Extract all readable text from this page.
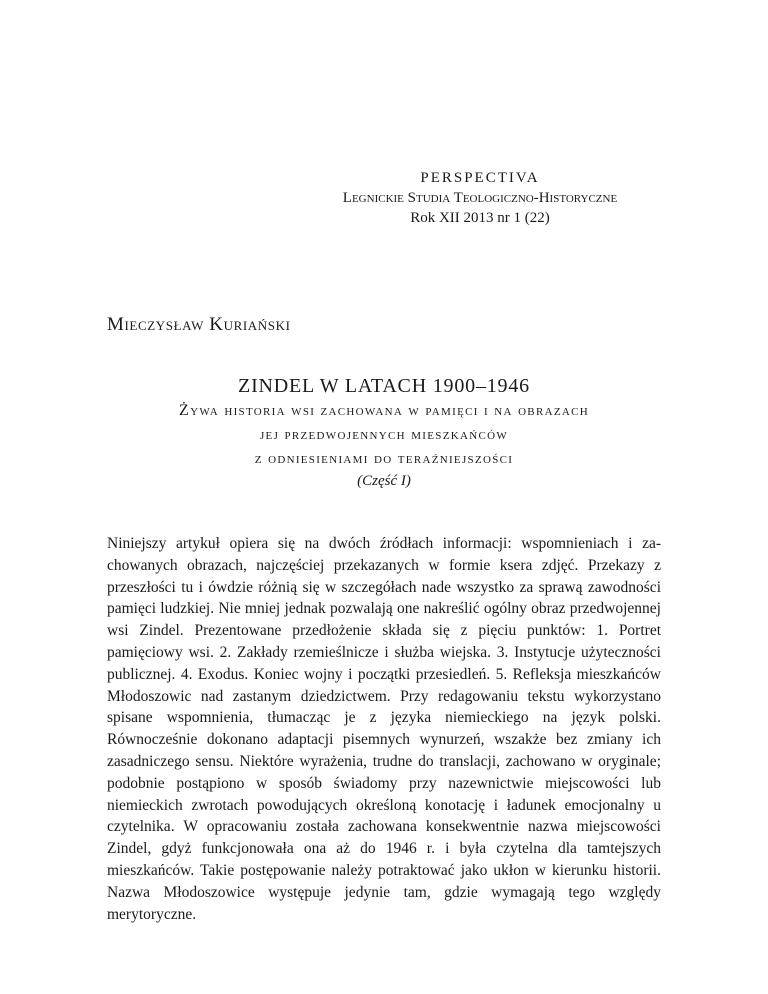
perspectiva

Legnickie Studia Teologiczno-Historyczne

Rok XII 2013 nr 1 (22)

Mieczysław Kuriański

ZINDEL W LATACH 1900–1946

Żywa historia wsi zachowana w pamięci i na obrazach

jej przedwojennych mieszkańców

z odniesieniami do teraźniejszości

(Część I)

Niniejszy artykuł opiera się na dwóch źródłach informacji: wspomnieniach i zachowanych obrazach, najczęściej przekazanych w formie ksera zdjęć. Przekazy z przeszłości tu i ówdzie różnią się w szczegółach nade wszystko za sprawą zawodności pamięci ludzkiej. Nie mniej jednak pozwalają one nakreślić ogólny obraz przedwojennej wsi Zindel. Prezentowane przedłożenie składa się z pięciu punktów: 1. Portret pamięciowy wsi. 2. Zakłady rzemieślnicze i służba wiejska. 3. Instytucje użyteczności publicznej. 4. Exodus. Koniec wojny i początki przesiedleń. 5. Refleksja mieszkańców Młodoszowic nad zastanym dziedzictwem. Przy redagowaniu tekstu wykorzystano spisane wspomnienia, tłumacząc je z języka niemieckiego na język polski. Równocześnie dokonano adaptacji pisemnych wynurzeń, wszakże bez zmiany ich zasadniczego sensu. Niektóre wyrażenia, trudne do translacji, zachowano w oryginale; podobnie postąpiono w sposób świadomy przy nazewnictwie miejscowości lub niemieckich zwrotach powodujących określoną konotację i ładunek emocjonalny u czytelnika. W opracowaniu została zachowana konsekwentnie nazwa miejscowości Zindel, gdyż funkcjonowała ona aż do 1946 r. i była czytelna dla tamtejszych mieszkańców. Takie postępowanie należy potraktować jako ukłon w kierunku historii. Nazwa Młodoszowice występuje jedynie tam, gdzie wymagają tego względy merytoryczne.
